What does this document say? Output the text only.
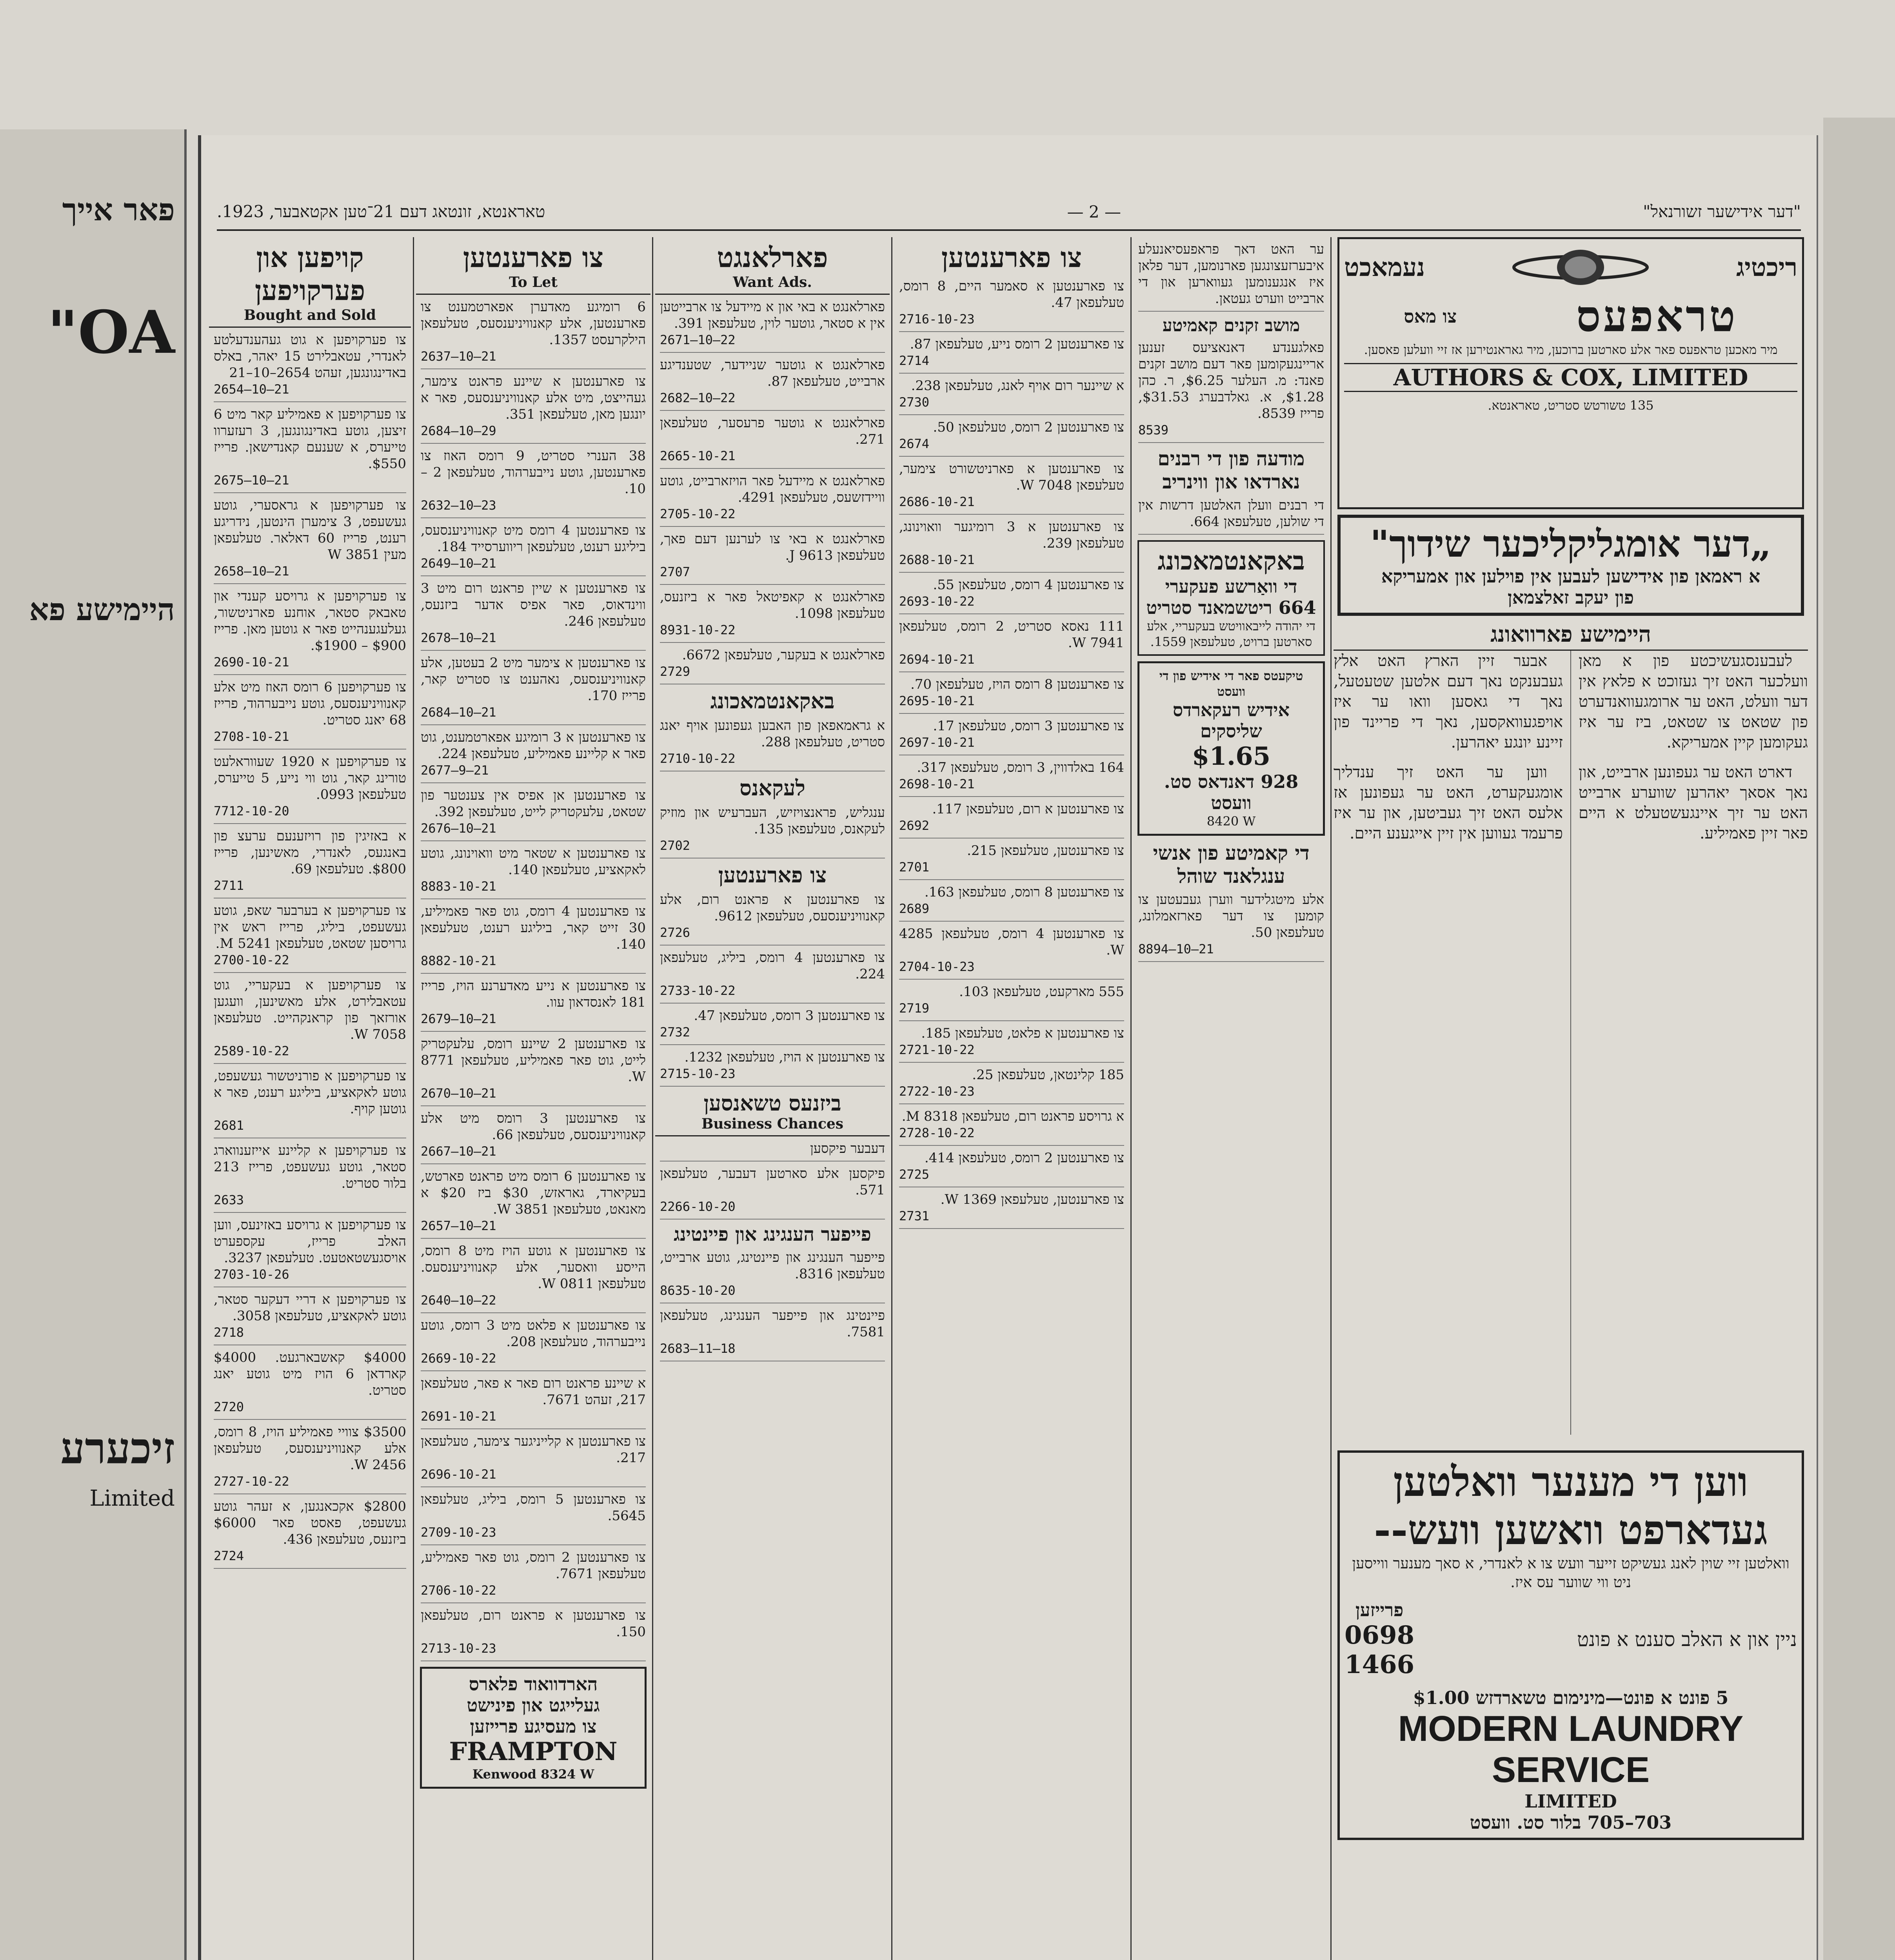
פאר אייך
OA"
היימישע פא
זיכערע
Limited
"דער אידישער זשורנאל"
— 2 —
טאראנטא, זונטאג דעם 21־טען אקטאבער, 1923.
קויפען און פערקויפען
Bought and Sold
צו פערקויפען א גוט געהענדעלטע לאנדרי, עטאבלירט 15 יאהר, באלס באדינגונגען, זעהט 2654–10–21
2654—10—21
צו פערקויפען א פאמיליע קאר מיט 6 זיצען, גוטע באדינגונגען, 3 רעזערוו טייערס, א שענעם קאנדישאן. פרייז $550.
2675—10—21
צו פערקויפען א גראסערי, גוטע געשעפט, 3 צימערן הינטען, נידריגע רענט, פרייז 60 דאלאר. טעלעפאן מעין 3851 W
2658—10—21
צו פערקויפען א גרויסע קענדי און טאבאק סטאר, אוחנע פארניטשור, געלעגענהייט פאר א גוטען מאן. פרייז $900 – $1900.
2690-10-21
צו פערקויפען 6 רומס האוז מיט אלע קאנוויניענסעס, גוטע נייבערהוד, פרייז 68 יאנג סטריט.
2708-10-21
צו פערקויפען א 1920 שעווראלעט טורינג קאר, גוט ווי נייע, 5 טייערס, טעלעפאן 0993.
7712-10-20
א באזיגין פון רויזענעם ערעצ פון באנגעס, לאנדרי, מאשינען, פרייז $800. טעלעפאן 69.
2711
צו פערקויפען א בערבער שאפ, גוטע געשעפט, ביליג, פרייז ראש אין גרויסען שטאט, טעלעפאן 5241 M.
2700-10-22
צו פערקויפען א בעקעריי, גוט עטאבלירט, אלע מאשינען, וועגען אורזאך פון קראנקהייט. טעלעפאן 7058 W.
2589-10-22
צו פערקויפען א פורניטשור געשעפט, גוטע לאקאציע, ביליגע רענט, פאר א גוטען קויף.
2681
צו פערקויפען א קליינע אייזענווארג סטאר, גוטע געשעפט, פרייז 213 בלור סטריט.
2633
צו פערקויפען א גרויסע באזינעס, ווען האלב פרייז, עקספערט אויסגעשטאטעט. טעלעפאן 3237.
2703-10-26
צו פערקויפען א דריי דעקער סטאר, גוטע לאקאציע, טעלעפאן 3058.
2718
$4000 קאשבארגעט. $4000 קארדאן 6 הויז מיט גוטע יאנג סטריט.
2720
$3500 צוויי פאמיליע הויז, 8 רומס, אלע קאנוויניענסעס, טעלעפאן 2456 W.
2727-10-22
$2800 אקכאנגען, א זעהר גוטע געשעפט, פאסט פאר $6000 ביזנעס, טעלעפאן 436.
2724
צו פארענטען
To Let
6 רומיגע מאדערן אפארטמענט צו פארענטען, אלע קאנוויניענסעס, טעלעפאן הילקרעסט 1357.
2637—10—21
צו פארענטען א שיינע פראנט צימער, געהייצט, מיט אלע קאנוויניענסעס, פאר א יונגען מאן, טעלעפאן 351.
2684—10—29
38 הענרי סטריט, 9 רומס האוז צו פארענטען, גוטע נייבערהוד, טעלעפאן 2 –10.
2632—10—23
צו פארענטען 4 רומס מיט קאנוויניענסעס, ביליגע רענט, טעלעפאן ריווערסייד 184.
2649—10—21
צו פארענטען א שיין פראנט רום מיט 3 ווינדאוס, פאר אפיס אדער ביזנעס, טעלעפאן 246.
2678—10—21
צו פארענטען א צימער מיט 2 בעטען, אלע קאנוויניענסעס, נאהענט צו סטריט קאר, פרייז 170.
2684—10—21
צו פארענטען א 3 רומיגע אפארטמענט, גוט פאר א קליינע פאמיליע, טעלעפאן 224.
2677—9—21
צו פארענטען אן אפיס אין צענטער פון שטאט, עלעקטריק לייט, טעלעפאן 392.
2676—10—21
צו פארענטען א שטאר מיט וואוינונג, גוטע לאקאציע, טעלעפאן 140.
8883-10-21
צו פארענטען 4 רומס, גוט פאר פאמיליע, 30 זייט קאר, ביליגע רענט, טעלעפאן 140.
8882-10-21
צו פארענטען א נייע מאדערנע הויז, פרייז 181 לאנסדאון עוו.
2679—10—21
צו פארענטען 2 שיינע רומס, עלעקטריק לייט, גוט פאר פאמיליע, טעלעפאן 8771 W.
2670—10—21
צו פארענטען 3 רומס מיט אלע קאנוויניענסעס, טעלעפאן 66.
2667—10—21
צו פארענטען 6 רומס מיט פראנט פארטש, בעקיארד, גאראזש, $30 ביז $20 א מאנאט, טעלעפאן 3851 W.
2657—10—21
צו פארענטען א גוטע הויז מיט 8 רומס, הייסע וואסער, אלע קאנוויניענסעס. טעלעפאן 0811 W.
2640—10—22
צו פארענטען א פלאט מיט 3 רומס, גוטע נייבערהוד, טעלעפאן 208.
2669-10-22
א שיינע פראנט רום פאר א פאר, טעלעפאן 217, זעהט 7671.
2691-10-21
צו פארענטען א קלייניגער צימער, טעלעפאן 217.
2696-10-21
צו פארענטען 5 רומס, ביליג, טעלעפאן 5645.
2709-10-23
צו פארענטען 2 רומס, גוט פאר פאמיליע, טעלעפאן 7671.
2706-10-22
צו פארענטען א פראנט רום, טעלעפאן 150.
2713-10-23
הארדוואוד פלארס
געלייגט און פינישט
צו מעסיגע פרייזען
FRAMPTON
Kenwood 8324 W
פארלאנגט
Want Ads.
פארלאנגט א באי און א מיידעל צו ארבייטען אין א סטאר, גוטער לוין, טעלעפאן 391.
2671—10—22
פארלאנגט א גוטער שניידער, שטענדיגע ארבייט, טעלעפאן 87.
2682—10—22
פארלאנגט א גוטער פרעסער, טעלעפאן 271.
2665-10-21
פארלאנגט א מיידעל פאר הויזארבייט, גוטע וויידזשעס, טעלעפאן 4291.
2705-10-22
פארלאנגט א באי צו לערנען דעם פאך, טעלעפאן 9613 J.
2707
פארלאנגט א קאפיטאל פאר א ביזנעס, טעלעפאן 1098.
8931-10-22
פארלאנגט א בעקער, טעלעפאן 6672.
2729
באקאנטמאכונג
א גראמאפאן פון האבען געפונען אויף יאנג סטריט, טעלעפאן 288.
2710-10-22
לעקאנס
ענגליש, פראנצויזיש, העברעיש און מוזיק לעקאנס, טעלעפאן 135.
2702
צו פארענטען
צו פארענטען א פראנט רום, אלע קאנוויניענסעס, טעלעפאן 9612.
2726
צו פארענטען 4 רומס, ביליג, טעלעפאן 224.
2733-10-22
צו פארענטען 3 רומס, טעלעפאן 47.
2732
צו פארענטען א הויז, טעלעפאן 1232.
2715-10-23
ביזנעס טשאנסען
Business Chances
דעבער פיקסען
פיקסען אלע סארטען דעבער, טעלעפאן 571.
2266-10-20
פייפער הענגינג און פיינטינג
פייפער הענגינג און פיינטינג, גוטע ארבייט, טעלעפאן 8316.
8635-10-20
פיינטינג און פייפער הענגינג, טעלעפאן 7581.
2683—11—18
צו פארענטען
צו פארענטען א סאמער היים, 8 רומס, טעלעפאן 47.
2716-10-23
צו פארענטען 2 רומס נייע, טעלעפאן 87.
2714
א שיינער רום אויף לאנג, טעלעפאן 238.
2730
צו פארענטען 2 רומס, טעלעפאן 50.
2674
צו פארענטען א פארניטשורט צימער, טעלעפאן 7048 W.
2686-10-21
צו פארענטען א 3 רומיגער וואוינונג, טעלעפאן 239.
2688-10-21
צו פארענטען 4 רומס, טעלעפאן 55.
2693-10-22
111 נאסא סטריט, 2 רומס, טעלעפאן 7941 W.
2694-10-21
צו פארענטען 8 רומס הויז, טעלעפאן 70.
2695-10-21
צו פארענטען 3 רומס, טעלעפאן 17.
2697-10-21
164 באלדווין, 3 רומס, טעלעפאן 317.
2698-10-21
צו פארענטען א רום, טעלעפאן 117.
2692
צו פארענטען, טעלעפאן 215.
2701
צו פארענטען 8 רומס, טעלעפאן 163.
2689
צו פארענטען 4 רומס, טעלעפאן 4285 W.
2704-10-23
555 מארקעט, טעלעפאן 103.
2719
צו פארענטען א פלאט, טעלעפאן 185.
2721-10-22
185 קלינטאן, טעלעפאן 25.
2722-10-23
א גרויסע פראנט רום, טעלעפאן 8318 M.
2728-10-22
צו פארענטען 2 רומס, טעלעפאן 414.
2725
צו פארענטען, טעלעפאן 1369 W.
2731
ער האט דאך פראפעסיאנעלע איבערזעצונגען פארנומען, דער פלאן איז אנגענומען געווארען און די ארבייט ווערט געטאן.
מושב זקנים קאמיטע
פאלגענדע דאנאציעס זענען אריינגעקומען פאר דעם מושב זקנים פאנד: מ. העלער $6.25, ר. כהן $1.28, א. גאלדבערג $31.53, פרייז 8539.
8539
מודעה פון די רבנים נארדאו און ווינריב
די רבנים וועלן האלטען דרשות אין די שולען, טעלעפאן 664.
באקאנטמאכונג
די וואַרשע פעקערי
664 ריטשמאנד סטריט
די יהודה לייבאוויטש בעקעריי, אלע סארטען ברויט, טעלעפאן 1559.
טיקעטס פאר די אידיש פון די
וועסט
אידיש רעקארדס
שליסקים
$1.65
928 דאנדאס סט. וועסט
8420 W
די קאמיטע פון אנשי ענגלאנד שוהל
אלע מיטגלידער ווערן געבעטען צו קומען צו דער פארזאמלונג, טעלעפאן 50.
8894—10—21
ריכטיג
נעמאכט
טראפעס
צו מאס
מיר מאכען טראפעס פאר אלע סארטען ברוכען, מיר גאראנטירען אז זיי וועלען פאסען.
AUTHORS & COX, LIMITED
135 טשורטש סטריט, טאראנטא.
„דער אומגליקליכער שידוך"
א ראמאן פון אידישען לעבען אין פוילען און אמעריקא
פון יעקב זאלצמאן
היימישע פארוואונג

לעבענסגעשיכטע פון א מאן וועלכער האט זיך געזוכט א פלאץ אין דער וועלט, האט ער ארומגעוואנדערט פון שטאט צו שטאט, ביז ער איז געקומען קיין אמעריקא.

דארט האט ער געפונען ארבייט, און נאך אסאך יאהרען שווערע ארבייט האט ער זיך איינגעשטעלט א היים פאר זיין פאמיליע.

אבער זיין הארץ האט אלץ געבענקט נאך דעם אלטען שטעטעל, נאך די גאסען וואו ער איז אויפגעוואקסען, נאך די פריינד פון זיינע יונגע יאהרען.

ווען ער האט זיך ענדליך אומגעקערט, האט ער געפונען אז אלעס האט זיך געביטען, און ער איז פרעמד געווען אין זיין אייגענע היים.

ווען די מענער וואלטען
געדארפט וואשען וועש--
וואלטען זיי שוין לאנג געשיקט זייער וועש צו א לאנדרי, א סאך מענער ווייסען ניט ווי שווער עס איז.
ניין און א האלב סענט א פונט
פרייזען
0698
1466
5 פונט א פונט—מינימום טשארדזש $1.00
MODERN LAUNDRY SERVICE
LIMITED
703–705 בלור סט. וועסט
